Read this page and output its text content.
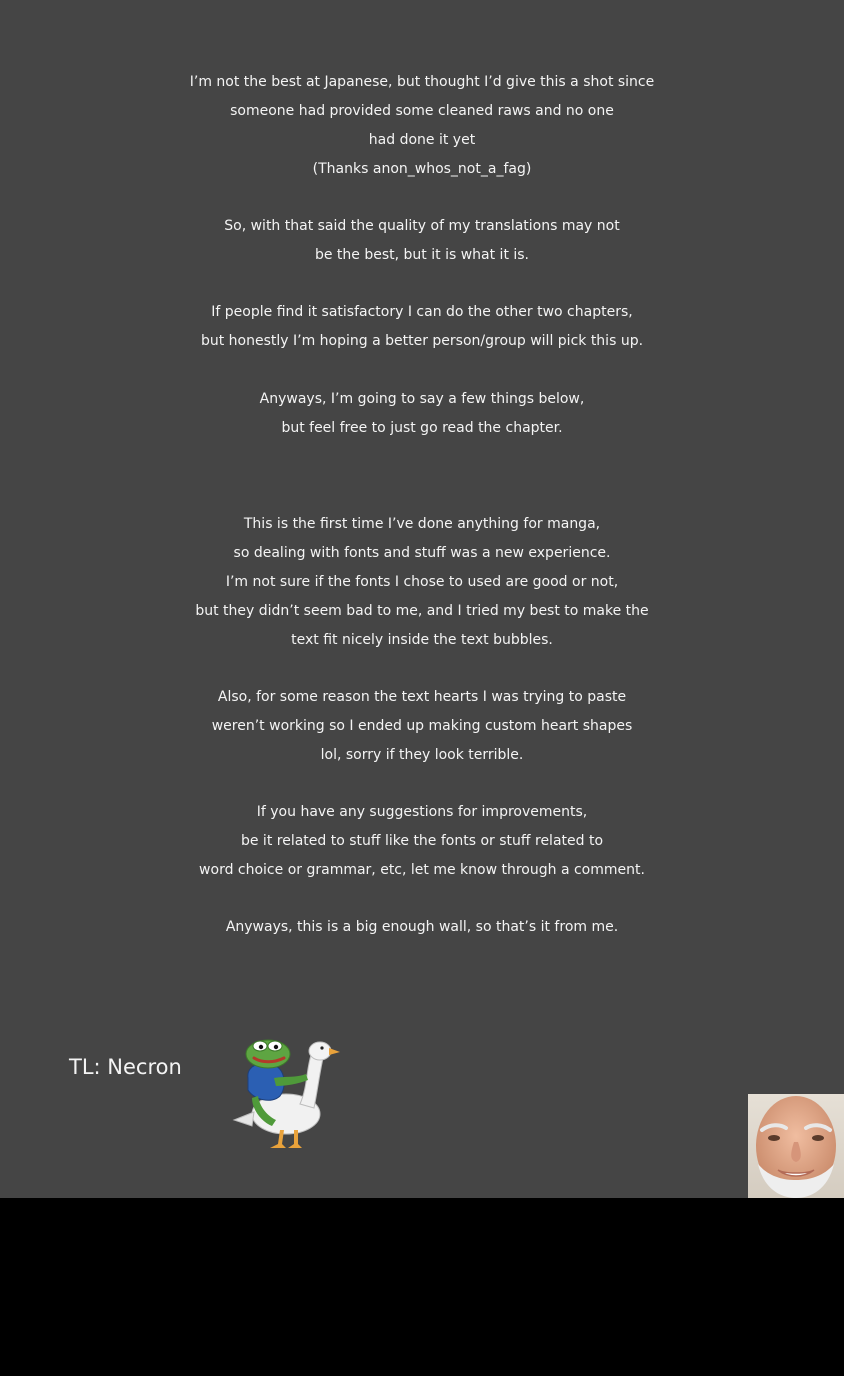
I’m not the best at Japanese, but thought I’d give this a shot since
someone had provided some cleaned raws and no one
had done it yet
(Thanks anon_whos_not_a_fag)
So, with that said the quality of my translations may not
be the best, but it is what it is.
If people find it satisfactory I can do the other two chapters,
but honestly I’m hoping a better person/group will pick this up.
Anyways, I’m going to say a few things below,
but feel free to just go read the chapter.
This is the first time I’ve done anything for manga,
so dealing with fonts and stuff was a new experience.
I’m not sure if the fonts I chose to used are good or not,
but they didn’t seem bad to me, and I tried my best to make the
text fit nicely inside the text bubbles.
Also, for some reason the text hearts I was trying to paste
weren’t working so I ended up making custom heart shapes
lol, sorry if they look terrible.
If you have any suggestions for improvements,
be it related to stuff like the fonts or stuff related to
word choice or grammar, etc, let me know through a comment.
Anyways, this is a big enough wall, so that’s it from me.
TL: Necron
